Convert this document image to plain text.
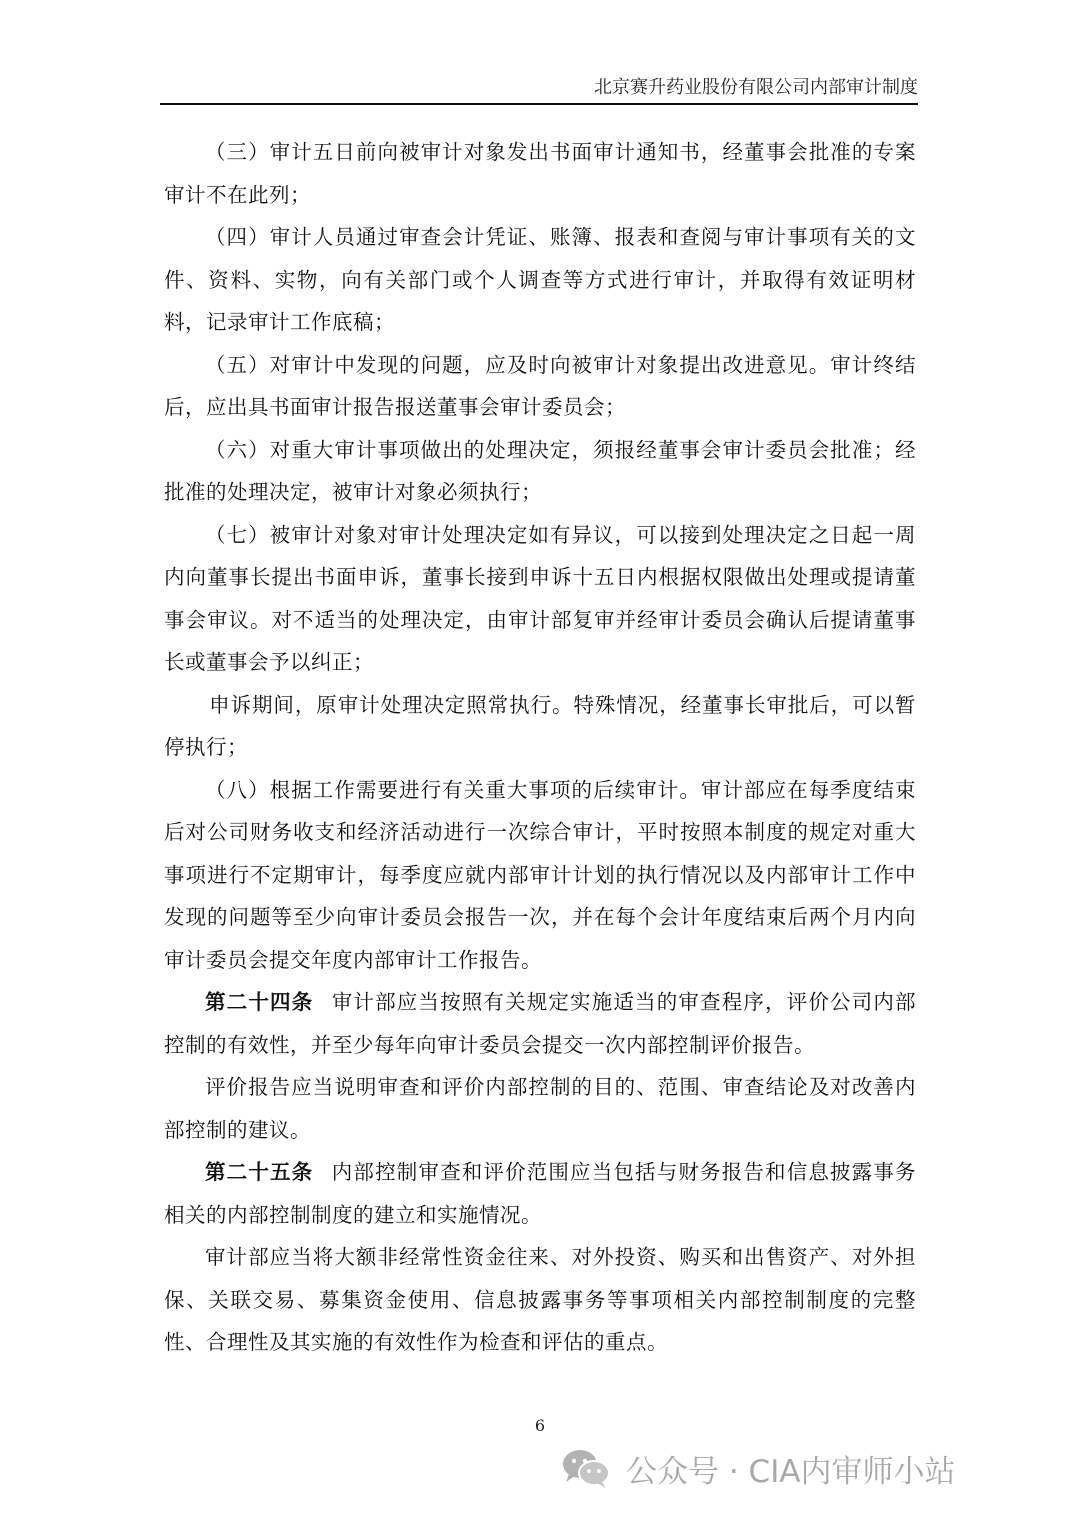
北京赛升药业股份有限公司内部审计制度

（三）审计五日前向被审计对象发出书面审计通知书，经董事会批准的专案审计不在此列；

（四）审计人员通过审查会计凭证、账簿、报表和查阅与审计事项有关的文件、资料、实物，向有关部门或个人调查等方式进行审计，并取得有效证明材料，记录审计工作底稿；

（五）对审计中发现的问题，应及时向被审计对象提出改进意见。审计终结后，应出具书面审计报告报送董事会审计委员会；

（六）对重大审计事项做出的处理决定，须报经董事会审计委员会批准；经批准的处理决定，被审计对象必须执行；

（七）被审计对象对审计处理决定如有异议，可以接到处理决定之日起一周内向董事长提出书面申诉，董事长接到申诉十五日内根据权限做出处理或提请董事会审议。对不适当的处理决定，由审计部复审并经审计委员会确认后提请董事长或董事会予以纠正；

申诉期间，原审计处理决定照常执行。特殊情况，经董事长审批后，可以暂停执行；

（八）根据工作需要进行有关重大事项的后续审计。审计部应在每季度结束后对公司财务收支和经济活动进行一次综合审计，平时按照本制度的规定对重大事项进行不定期审计，每季度应就内部审计计划的执行情况以及内部审计工作中发现的问题等至少向审计委员会报告一次，并在每个会计年度结束后两个月内向审计委员会提交年度内部审计工作报告。

第二十四条 审计部应当按照有关规定实施适当的审查程序，评价公司内部控制的有效性，并至少每年向审计委员会提交一次内部控制评价报告。

评价报告应当说明审查和评价内部控制的目的、范围、审查结论及对改善内部控制的建议。

第二十五条 内部控制审查和评价范围应当包括与财务报告和信息披露事务相关的内部控制制度的建立和实施情况。

审计部应当将大额非经常性资金往来、对外投资、购买和出售资产、对外担保、关联交易、募集资金使用、信息披露事务等事项相关内部控制制度的完整性、合理性及其实施的有效性作为检查和评估的重点。

6
公众号 · CIA内审师小站
